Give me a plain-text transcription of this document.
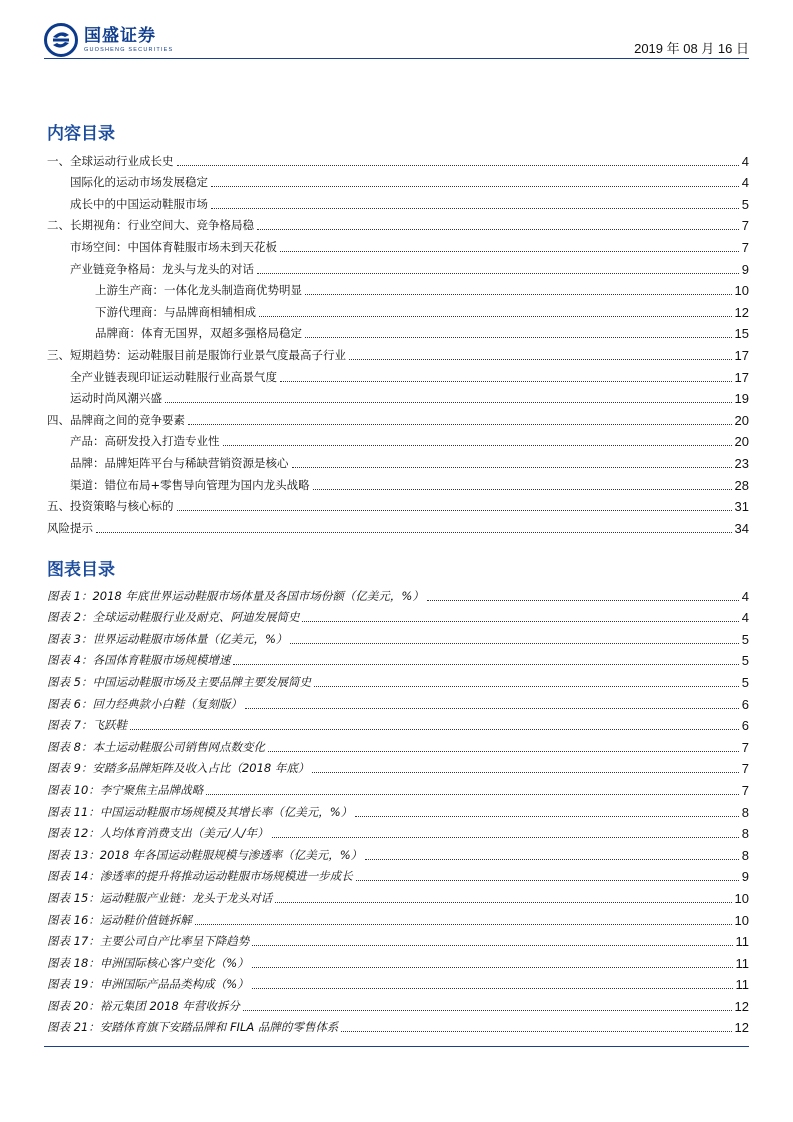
国盛证券
GUOSHENG SECURITIES	2019 年 08 月 16 日
内容目录
一、全球运动行业成长史	4
国际化的运动市场发展稳定	4
成长中的中国运动鞋服市场	5
二、长期视角：行业空间大、竞争格局稳	7
市场空间：中国体育鞋服市场未到天花板	7
产业链竞争格局：龙头与龙头的对话	9
上游生产商：一体化龙头制造商优势明显	10
下游代理商：与品牌商相辅相成	12
品牌商：体育无国界，双超多强格局稳定	15
三、短期趋势：运动鞋服目前是服饰行业景气度最高子行业	17
全产业链表现印证运动鞋服行业高景气度	17
运动时尚风潮兴盛	19
四、品牌商之间的竞争要素	20
产品：高研发投入打造专业性	20
品牌：品牌矩阵平台与稀缺营销资源是核心	23
渠道：错位布局+零售导向管理为国内龙头战略	28
五、投资策略与核心标的	31
风险提示	34
图表目录
图表 1：2018 年底世界运动鞋服市场体量及各国市场份额（亿美元，%）	4
图表 2：全球运动鞋服行业及耐克、阿迪发展简史	4
图表 3：世界运动鞋服市场体量（亿美元，%）	5
图表 4：各国体育鞋服市场规模增速	5
图表 5：中国运动鞋服市场及主要品牌主要发展简史	5
图表 6：回力经典款小白鞋（复刻版）	6
图表 7：飞跃鞋	6
图表 8：本土运动鞋服公司销售网点数变化	7
图表 9：安踏多品牌矩阵及收入占比（2018 年底）	7
图表 10：李宁聚焦主品牌战略	7
图表 11：中国运动鞋服市场规模及其增长率（亿美元，%）	8
图表 12：人均体育消费支出（美元/人/年）	8
图表 13：2018 年各国运动鞋服规模与渗透率（亿美元，%）	8
图表 14：渗透率的提升将推动运动鞋服市场规模进一步成长	9
图表 15：运动鞋服产业链：龙头于龙头对话	10
图表 16：运动鞋价值链拆解	10
图表 17：主要公司自产比率呈下降趋势	11
图表 18：申洲国际核心客户变化（%）	11
图表 19：申洲国际产品品类构成（%）	11
图表 20：裕元集团 2018 年营收拆分	12
图表 21：安踏体育旗下安踏品牌和 FILA 品牌的零售体系	12
